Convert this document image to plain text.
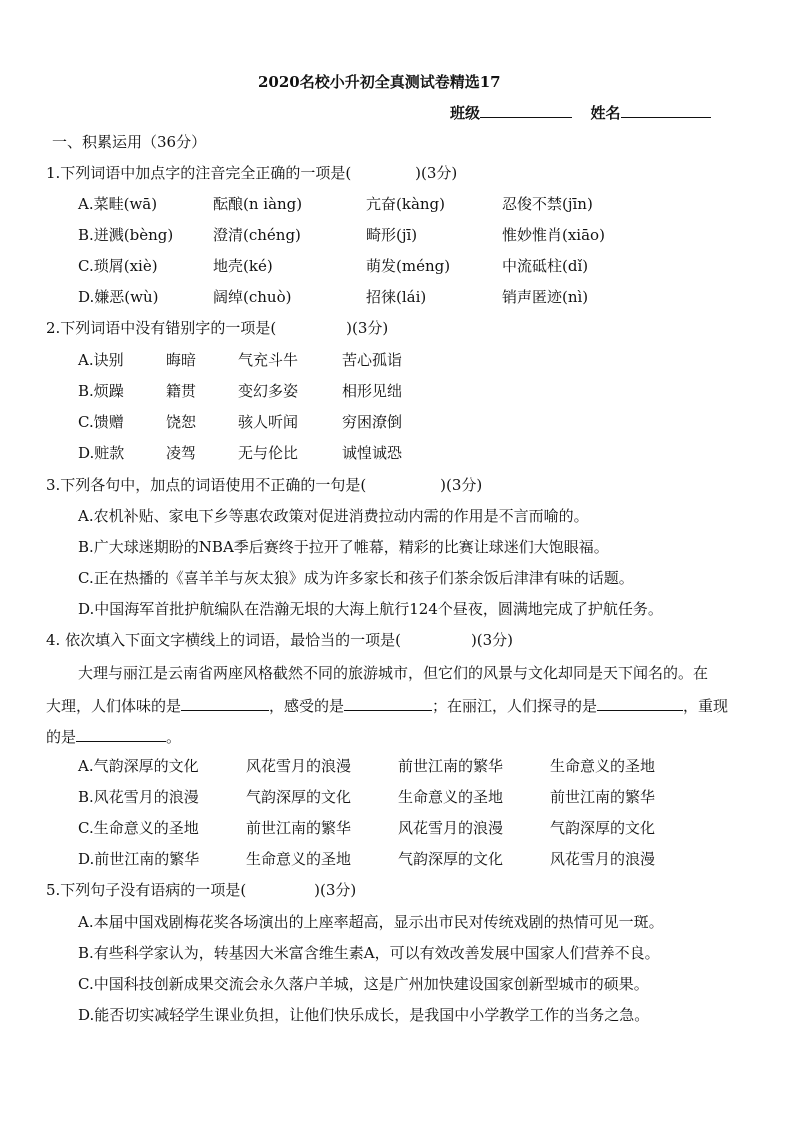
2020名校小升初全真测试卷精选17
班级	姓名
一、积累运用（36分）
1.下列词语中加点字的注音完全正确的一项是(	)(3分)
A.菜畦(wā)	酝酿(n iàng)	亢奋(kàng)	忍俊不禁(jīn)
B.迸溅(bèng)	澄清(chéng)	畸形(jī)	惟妙惟肖(xiāo)
C.琐屑(xiè)	地壳(ké)	萌发(méng)	中流砥柱(dǐ)
D.嫌恶(wù)	阔绰(chuò)	招徕(lái)	销声匿迹(nì)
2.下列词语中没有错别字的一项是(	)(3分)
A.诀别	晦暗	气充斗牛	苦心孤诣
B.烦躁	籍贯	变幻多姿	相形见绌
C.馈赠	饶恕	骇人听闻	穷困潦倒
D.赃款	凌驾	无与伦比	诚惶诚恐
3.下列各句中，加点的词语使用不正确的一句是(	)(3分)
A.农机补贴、家电下乡等惠农政策对促进消费拉动内需的作用是不言而喻的。
B.广大球迷期盼的NBA季后赛终于拉开了帷幕，精彩的比赛让球迷们大饱眼福。
C.正在热播的《喜羊羊与灰太狼》成为许多家长和孩子们茶余饭后津津有味的话题。
D.中国海军首批护航编队在浩瀚无垠的大海上航行124个昼夜，圆满地完成了护航任务。
4. 依次填入下面文字横线上的词语，最恰当的一项是(	)(3分)
大理与丽江是云南省两座风格截然不同的旅游城市，但它们的风景与文化却同是天下闻名的。在
大理，人们体味的是	，感受的是	；在丽江，人们探寻的是	，重现
的是	。
A.气韵深厚的文化	风花雪月的浪漫	前世江南的繁华	生命意义的圣地
B.风花雪月的浪漫	气韵深厚的文化	生命意义的圣地	前世江南的繁华
C.生命意义的圣地	前世江南的繁华	风花雪月的浪漫	气韵深厚的文化
D.前世江南的繁华	生命意义的圣地	气韵深厚的文化	风花雪月的浪漫
5.下列句子没有语病的一项是(	)(3分)
A.本届中国戏剧梅花奖各场演出的上座率超高，显示出市民对传统戏剧的热情可见一斑。
B.有些科学家认为，转基因大米富含维生素A，可以有效改善发展中国家人们营养不良。
C.中国科技创新成果交流会永久落户羊城，这是广州加快建设国家创新型城市的硕果。
D.能否切实减轻学生课业负担，让他们快乐成长，是我国中小学教学工作的当务之急。
